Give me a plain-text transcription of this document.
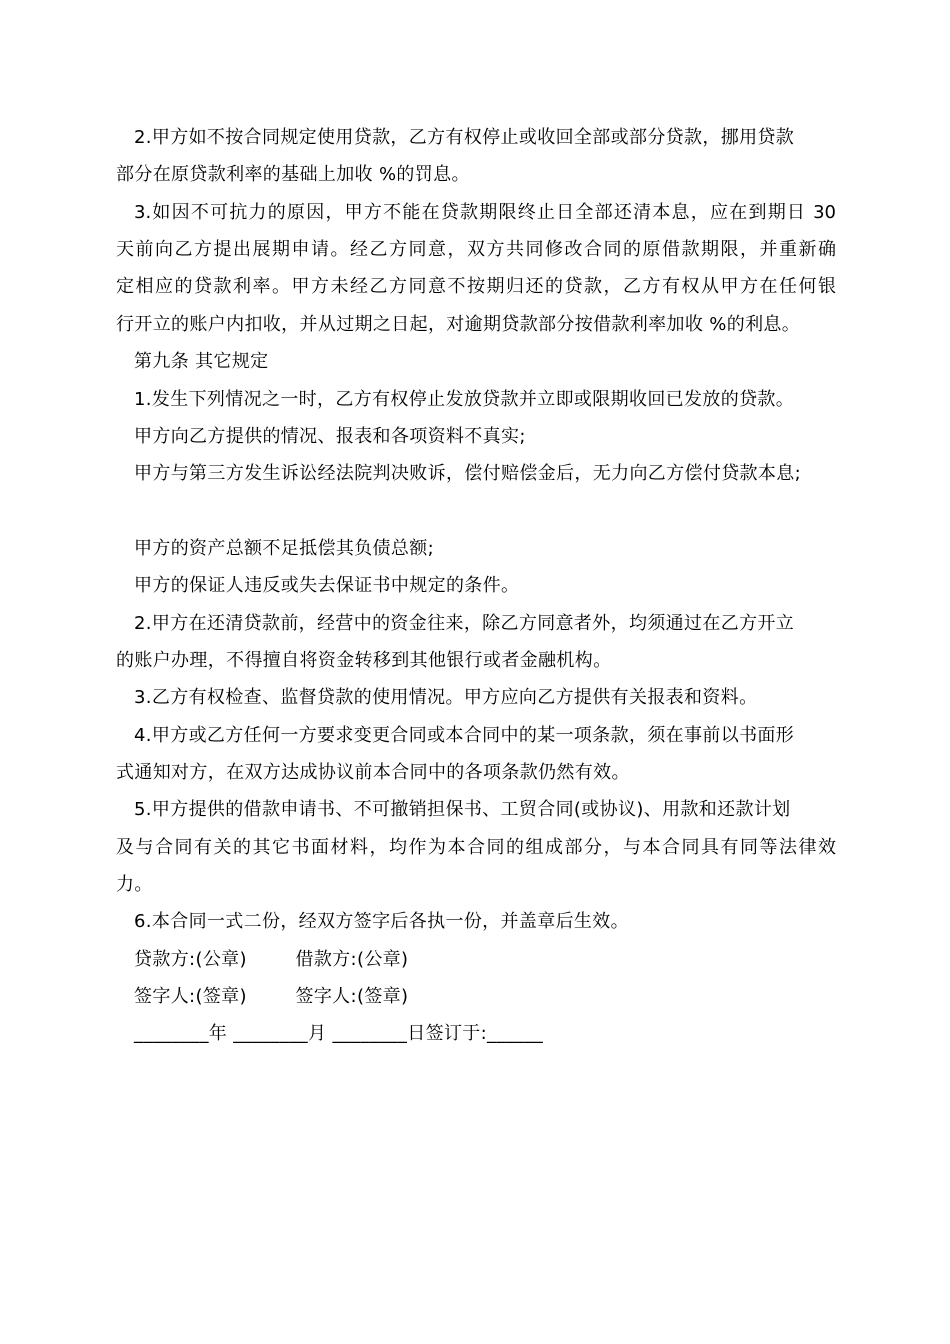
2.甲方如不按合同规定使用贷款，乙方有权停止或收回全部或部分贷款，挪用贷款
部分在原贷款利率的基础上加收 %的罚息。
3.如因不可抗力的原因，甲方不能在贷款期限终止日全部还清本息，应在到期日 30
天前向乙方提出展期申请。经乙方同意，双方共同修改合同的原借款期限，并重新确
定相应的贷款利率。甲方未经乙方同意不按期归还的贷款，乙方有权从甲方在任何银
行开立的账户内扣收，并从过期之日起，对逾期贷款部分按借款利率加收 %的利息。
第九条 其它规定
1.发生下列情况之一时，乙方有权停止发放贷款并立即或限期收回已发放的贷款。
甲方向乙方提供的情况、报表和各项资料不真实;
甲方与第三方发生诉讼经法院判决败诉，偿付赔偿金后，无力向乙方偿付贷款本息;
甲方的资产总额不足抵偿其负债总额;
甲方的保证人违反或失去保证书中规定的条件。
2.甲方在还清贷款前，经营中的资金往来，除乙方同意者外，均须通过在乙方开立
的账户办理，不得擅自将资金转移到其他银行或者金融机构。
3.乙方有权检查、监督贷款的使用情况。甲方应向乙方提供有关报表和资料。
4.甲方或乙方任何一方要求变更合同或本合同中的某一项条款，须在事前以书面形
式通知对方，在双方达成协议前本合同中的各项条款仍然有效。
5.甲方提供的借款申请书、不可撤销担保书、工贸合同(或协议)、用款和还款计划
及与合同有关的其它书面材料，均作为本合同的组成部分，与本合同具有同等法律效
力。
6.本合同一式二份，经双方签字后各执一份，并盖章后生效。
贷款方:(公章)        借款方:(公章)
签字人:(签章)        签字人:(签章)
________年 ________月 ________日签订于:______
